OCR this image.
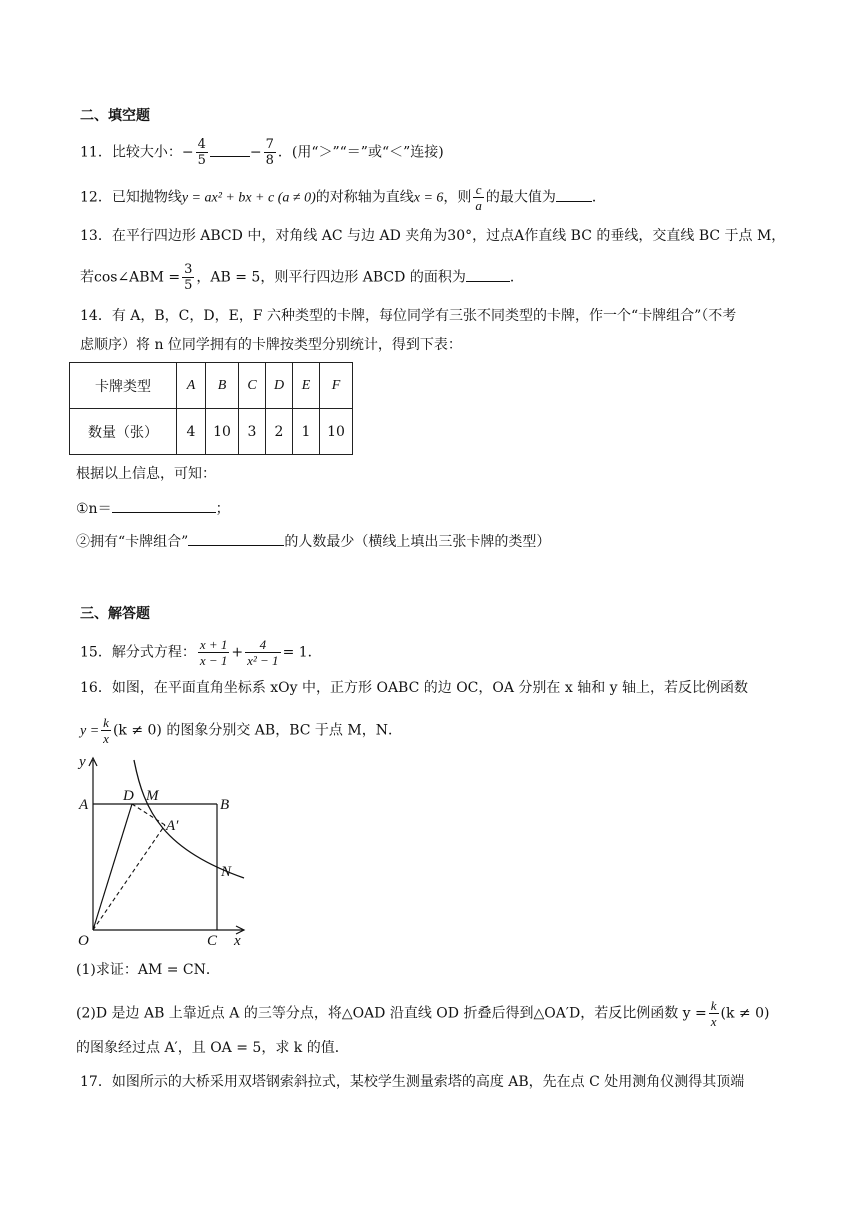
二、填空题
11．比较大小：− $\frac{4}{5}$	− $\frac{7}{8}$ ．(用“＞”“＝”或“＜”连接)
12．已知抛物线y = ax² + bx + c (a ≠ 0)的对称轴为直线x = 6，则 $\frac{c}{a}$ 的最大值为	．
13．在平行四边形 ABCD 中，对角线 AC 与边 AD 夹角为30°，过点A作直线 BC 的垂线，交直线 BC 于点 M，
若cos∠ABM = $\frac{3}{5}$ ，AB = 5，则平行四边形 ABCD 的面积为	．
14．有 A，B，C，D，E，F 六种类型的卡牌，每位同学有三张不同类型的卡牌，作一个“卡牌组合”（不考
虑顺序）将 n 位同学拥有的卡牌按类型分别统计，得到下表：
卡牌类型	A	B	C	D	E	F
数量（张）	4	10	3	2	1	10
根据以上信息，可知：
①n＝	；
②拥有“卡牌组合”	的人数最少（横线上填出三张卡牌的类型）
三、解答题
15．解分式方程： $\frac{x + 1}{x - 1} + \frac{4}{\text{x² − 1}} = 1$．
16．如图，在平面直角坐标系 xOy 中，正方形 OABC 的边 OC，OA 分别在 x 轴和 y 轴上，若反比例函数
$y = \frac{k}{x} (k \ne 0)$ 的图象分别交 AB，BC 于点 M，N．
y
A
D M
B
A′
N
O	C x
(1)求证：AM = CN．
(2)D 是边 AB 上靠近点 A 的三等分点，将△OAD 沿直线 OD 折叠后得到△OA′D，若反比例函数 $y = \frac{k}{x} (k \ne 0)$
的图象经过点 A′，且 OA = 5，求 k 的值．
17．如图所示的大桥采用双塔钢索斜拉式，某校学生测量索塔的高度 AB，先在点 C 处用测角仪测得其顶端
